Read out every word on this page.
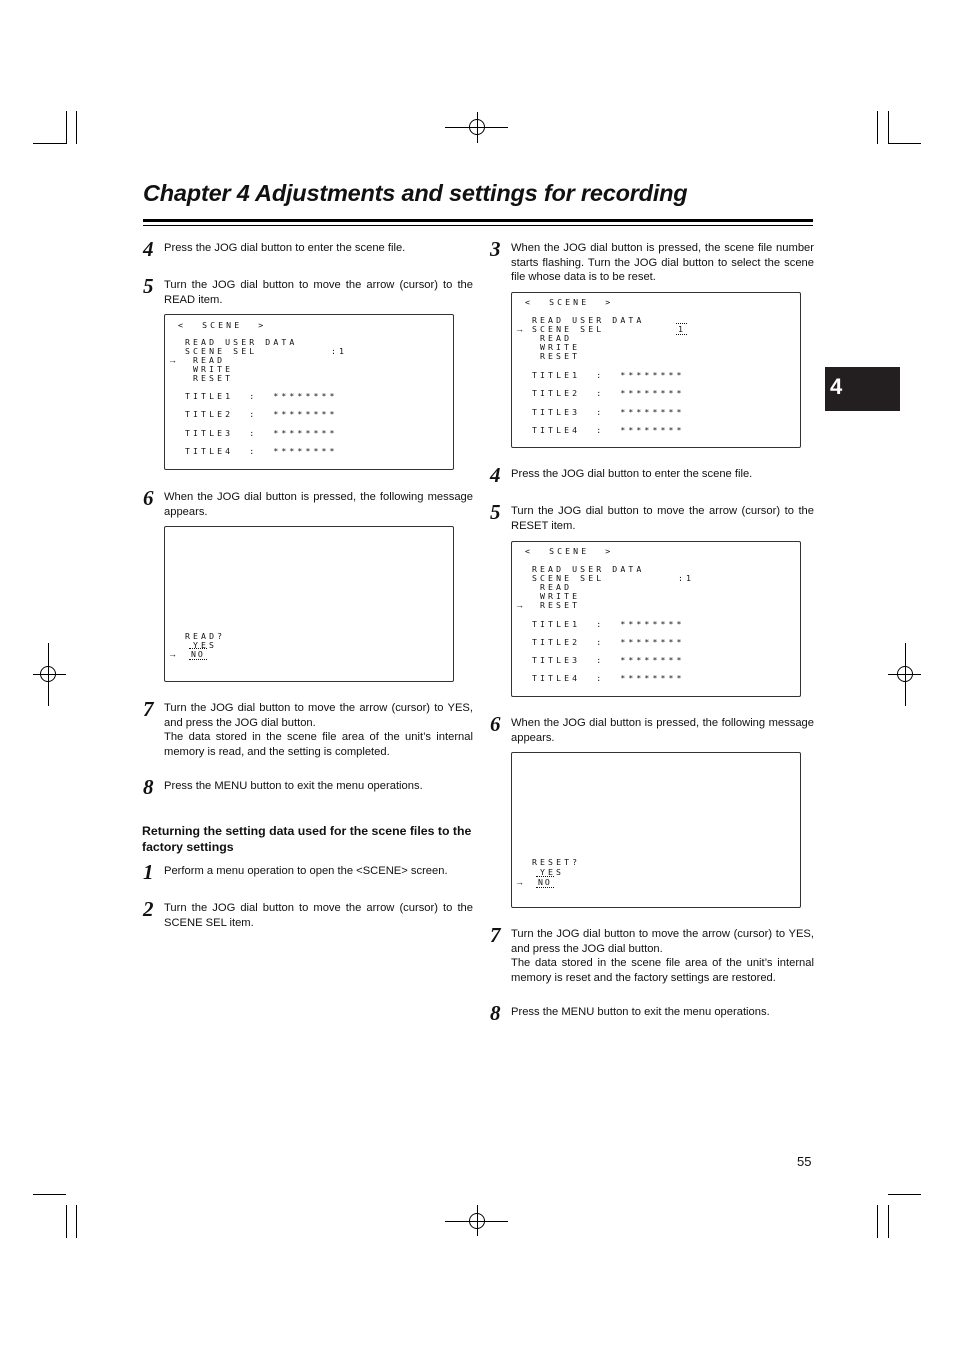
Chapter 4 Adjustments and settings for recording
4
4 Press the JOG dial button to enter the scene file.
5 Turn the JOG dial button to move the arrow (cursor) to the READ item.
<  SCENE  >
READ USER DATA
SCENE SEL	:1
→ READ
WRITE
RESET
TITLE1  :  ********
TITLE2  :  ********
TITLE3  :  ********
TITLE4  :  ********
6 When the JOG dial button is pressed, the following message appears.
READ?
YES
→ NO
7 Turn the JOG dial button to move the arrow (cursor) to YES, and press the JOG dial button.
The data stored in the scene file area of the unit’s internal memory is read, and the setting is completed.
8 Press the MENU button to exit the menu operations.
Returning the setting data used for the scene files to the factory settings
1 Perform a menu operation to open the <SCENE> screen.
2 Turn the JOG dial button to move the arrow (cursor) to the SCENE SEL item.
3 When the JOG dial button is pressed, the scene file number starts flashing. Turn the JOG dial button to select the scene file whose data is to be reset.
<  SCENE  >
READ USER DATA
→ SCENE SEL	1
READ
WRITE
RESET
TITLE1  :  ********
TITLE2  :  ********
TITLE3  :  ********
TITLE4  :  ********
4 Press the JOG dial button to enter the scene file.
5 Turn the JOG dial button to move the arrow (cursor) to the RESET item.
<  SCENE  >
READ USER DATA
SCENE SEL	:1
READ
WRITE
→ RESET
TITLE1  :  ********
TITLE2  :  ********
TITLE3  :  ********
TITLE4  :  ********
6 When the JOG dial button is pressed, the following message appears.
RESET?
YES
→ NO
7 Turn the JOG dial button to move the arrow (cursor) to YES, and press the JOG dial button.
The data stored in the scene file area of the unit’s internal memory is reset and the factory settings are restored.
8 Press the MENU button to exit the menu operations.
55
